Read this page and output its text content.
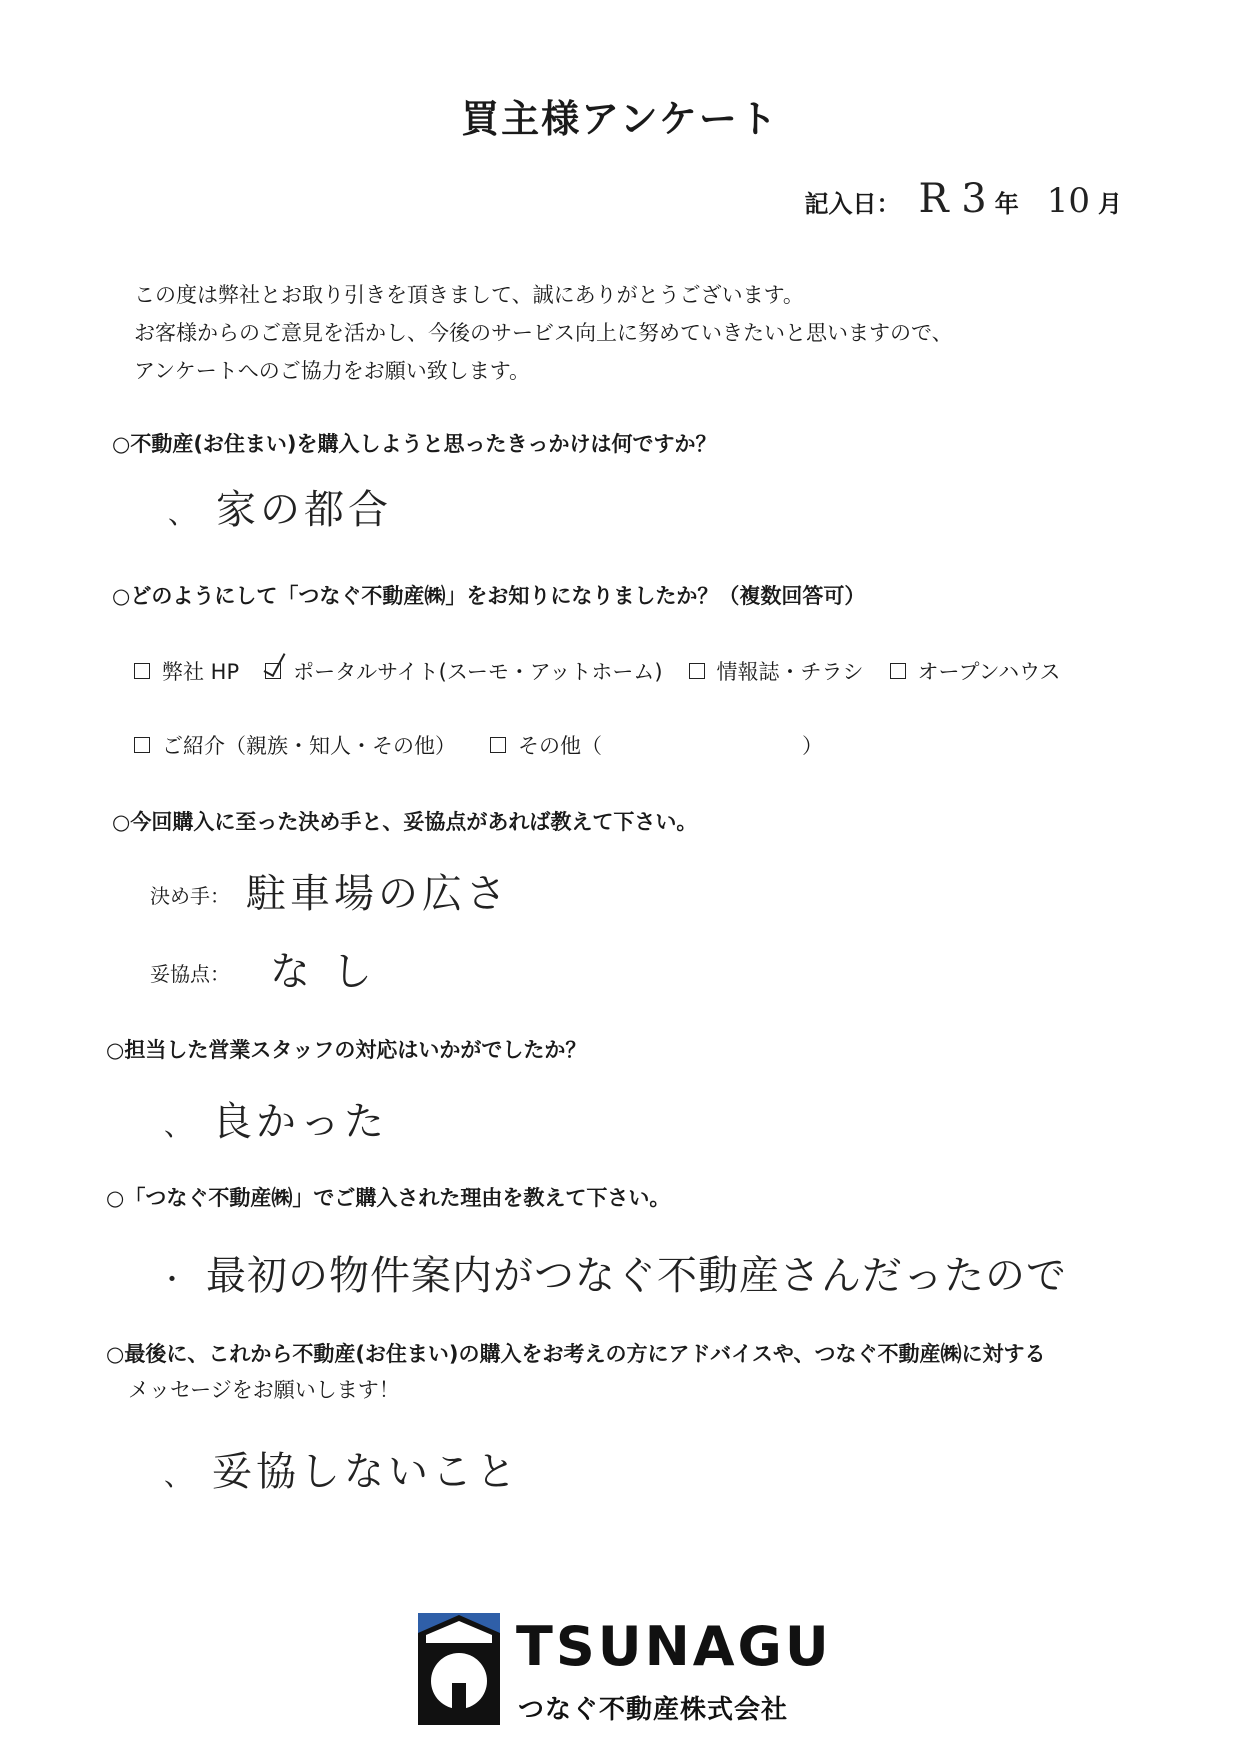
買主様アンケート
記入日： R 3 年 10 月
この度は弊社とお取り引きを頂きまして、誠にありがとうございます。
お客様からのご意見を活かし、今後のサービス向上に努めていきたいと思いますので、
アンケートへのご協力をお願い致します。
○不動産(お住まい)を購入しようと思ったきっかけは何ですか？
、 家の都合
○どのようにして「つなぐ不動産㈱」をお知りになりましたか？（複数回答可）
弊社 HP	ポータルサイト(スーモ・アットホーム)	情報誌・チラシ	オープンハウス
ご紹介（親族・知人・その他）	その他（	）
○今回購入に至った決め手と、妥協点があれば教えて下さい。
決め手： 駐車場の広さ
妥協点： なし
○担当した営業スタッフの対応はいかがでしたか？
、 良かった
○「つなぐ不動産㈱」でご購入された理由を教えて下さい。
・ 最初の物件案内がつなぐ不動産さんだったので
○最後に、これから不動産(お住まい)の購入をお考えの方にアドバイスや、つなぐ不動産㈱に対する
メッセージをお願いします！
、 妥協しないこと
TSUNAGU
つなぐ不動産株式会社
